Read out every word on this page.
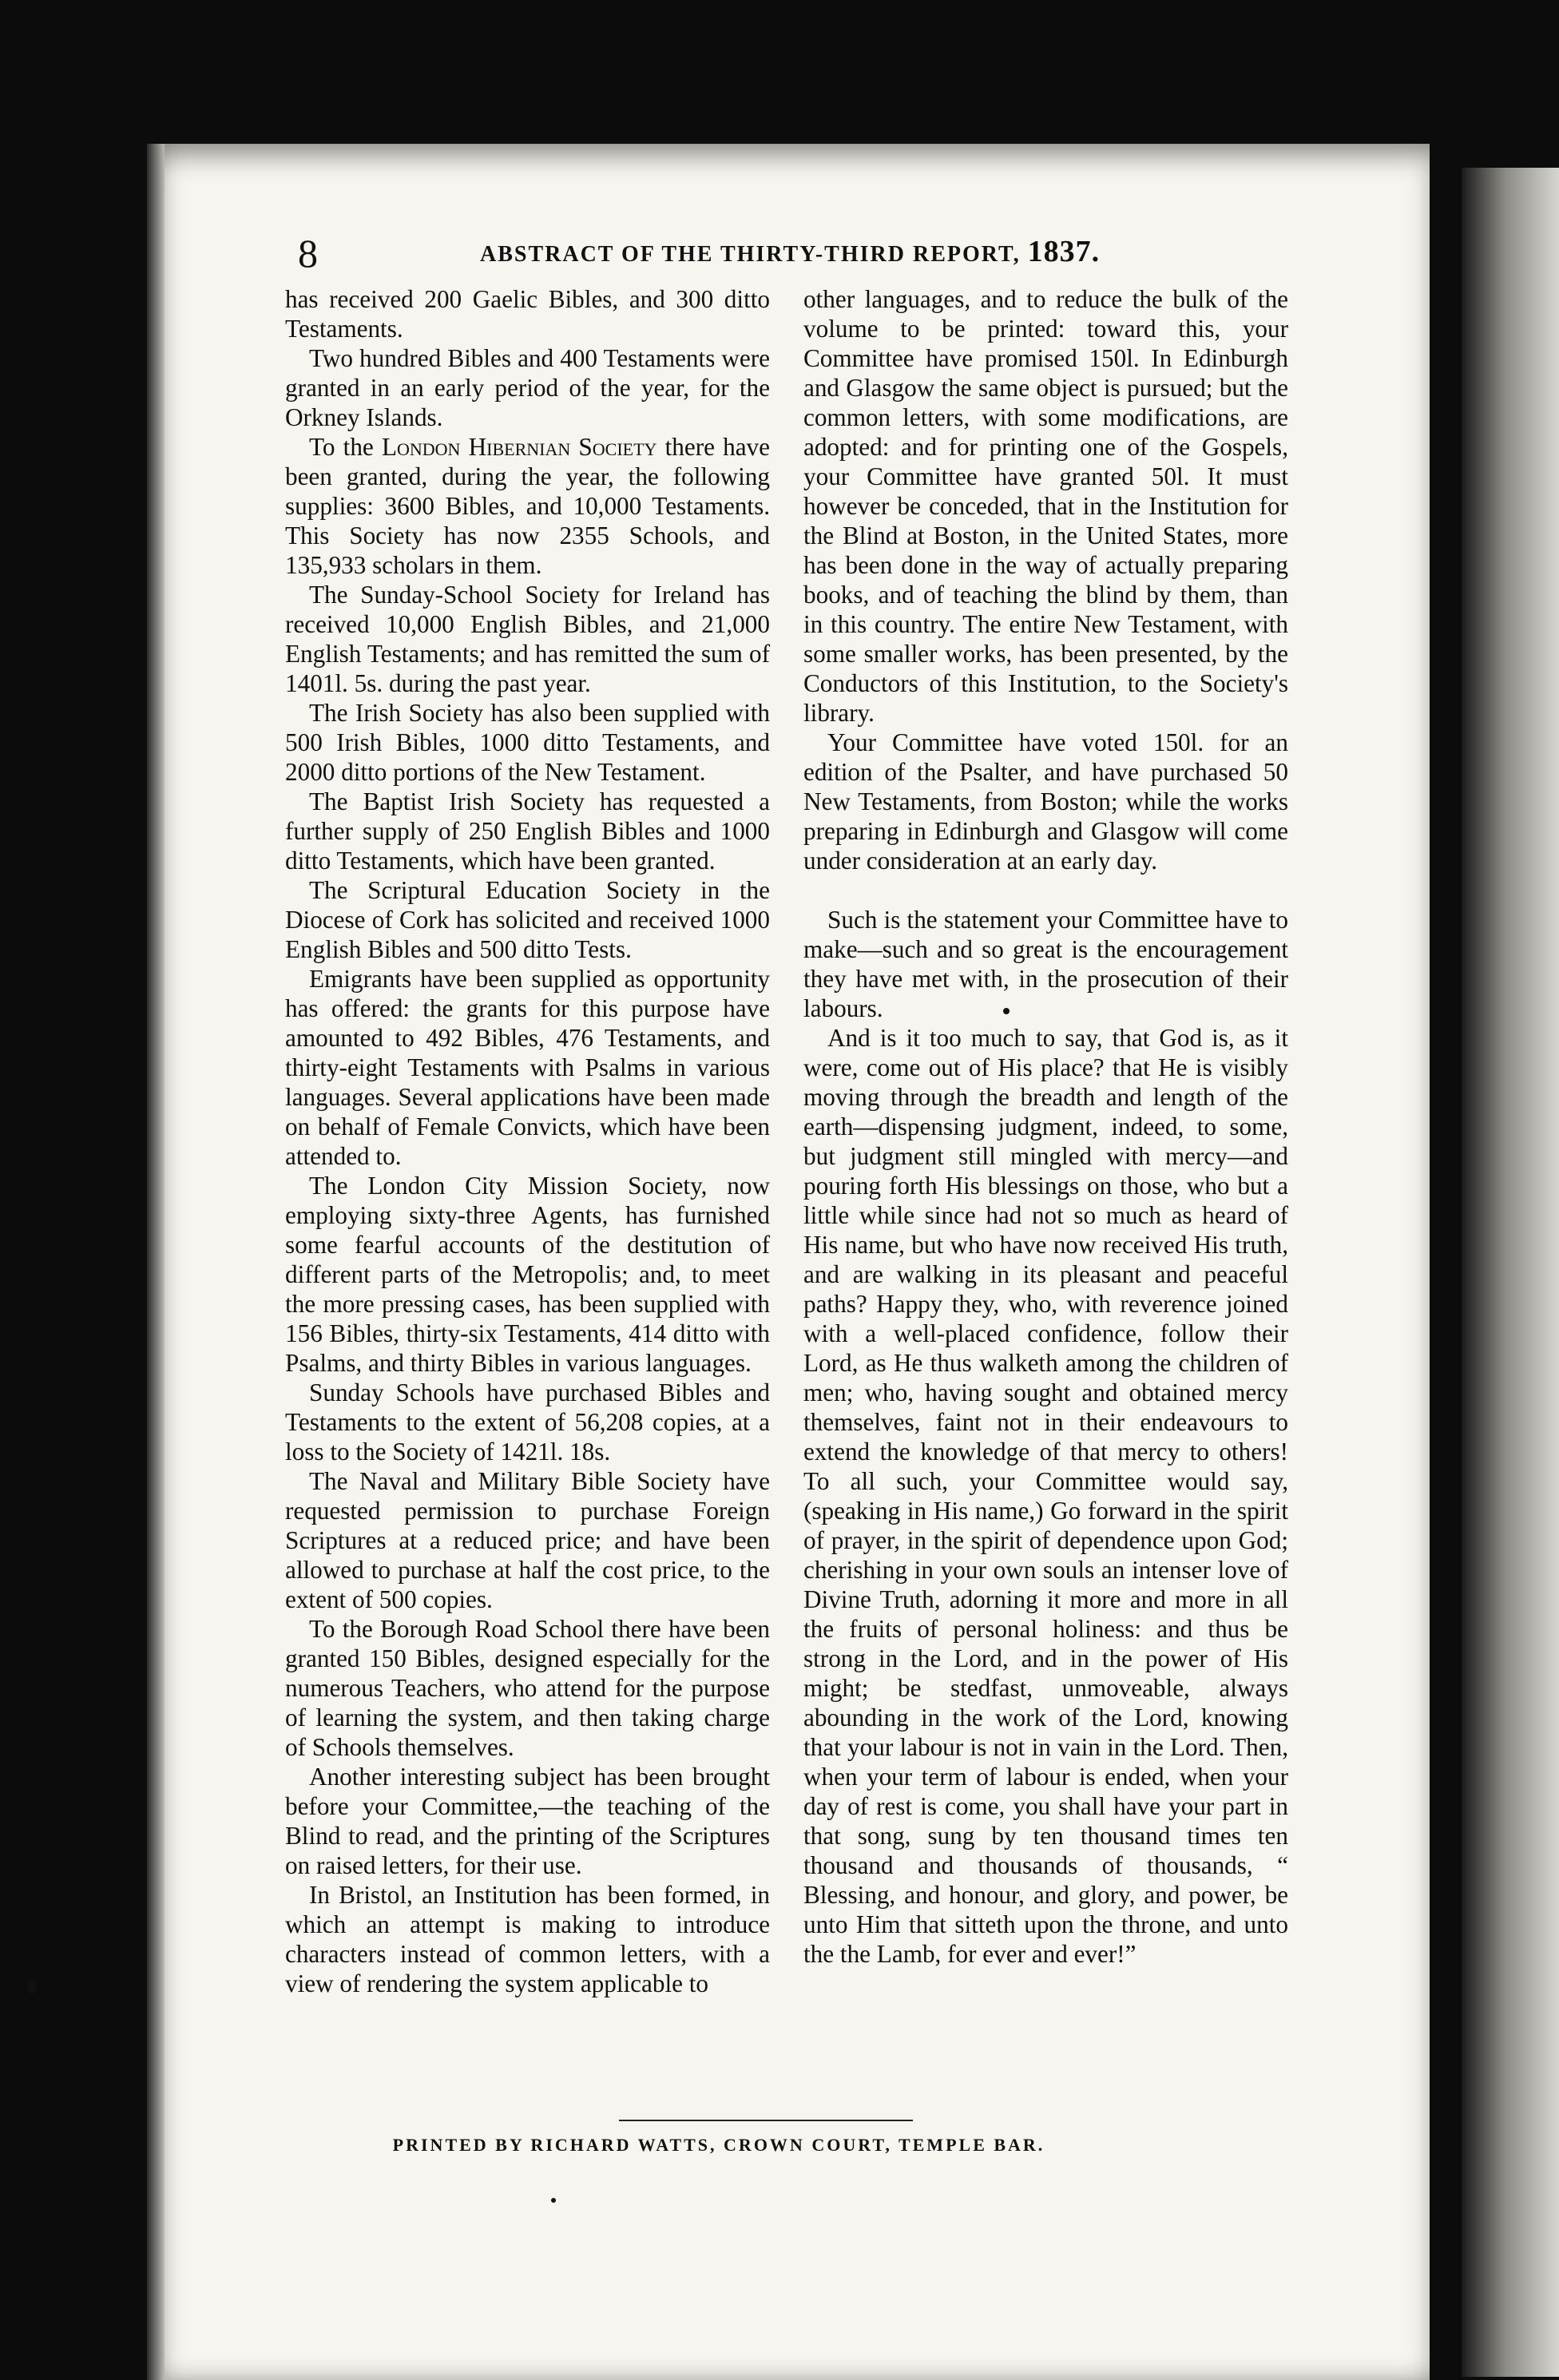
8	ABSTRACT OF THE THIRTY-THIRD REPORT, 1837.

has received 200 Gaelic Bibles, and 300 ditto Testaments.

Two hundred Bibles and 400 Testaments were granted in an early period of the year, for the Orkney Islands.

To the London Hibernian Society there have been granted, during the year, the following supplies: 3600 Bibles, and 10,000 Testaments. This Society has now 2355 Schools, and 135,933 scholars in them.

The Sunday-School Society for Ireland has received 10,000 English Bibles, and 21,000 English Testaments; and has remitted the sum of 1401l. 5s. during the past year.

The Irish Society has also been supplied with 500 Irish Bibles, 1000 ditto Testaments, and 2000 ditto portions of the New Testament.

The Baptist Irish Society has requested a further supply of 250 English Bibles and 1000 ditto Testaments, which have been granted.

The Scriptural Education Society in the Diocese of Cork has solicited and received 1000 English Bibles and 500 ditto Tests.

Emigrants have been supplied as opportunity has offered: the grants for this purpose have amounted to 492 Bibles, 476 Testaments, and thirty-eight Testaments with Psalms in various languages. Several applications have been made on behalf of Female Convicts, which have been attended to.

The London City Mission Society, now employing sixty-three Agents, has furnished some fearful accounts of the destitution of different parts of the Metropolis; and, to meet the more pressing cases, has been supplied with 156 Bibles, thirty-six Testaments, 414 ditto with Psalms, and thirty Bibles in various languages.

Sunday Schools have purchased Bibles and Testaments to the extent of 56,208 copies, at a loss to the Society of 1421l. 18s.

The Naval and Military Bible Society have requested permission to purchase Foreign Scriptures at a reduced price; and have been allowed to purchase at half the cost price, to the extent of 500 copies.

To the Borough Road School there have been granted 150 Bibles, designed especially for the numerous Teachers, who attend for the purpose of learning the system, and then taking charge of Schools themselves.

Another interesting subject has been brought before your Committee,—the teaching of the Blind to read, and the printing of the Scriptures on raised letters, for their use.

In Bristol, an Institution has been formed, in which an attempt is making to introduce characters instead of common letters, with a view of rendering the system applicable to

other languages, and to reduce the bulk of the volume to be printed: toward this, your Committee have promised 150l. In Edinburgh and Glasgow the same object is pursued; but the common letters, with some modifications, are adopted: and for printing one of the Gospels, your Committee have granted 50l. It must however be conceded, that in the Institution for the Blind at Boston, in the United States, more has been done in the way of actually preparing books, and of teaching the blind by them, than in this country. The entire New Testament, with some smaller works, has been presented, by the Conductors of this Institution, to the Society's library.

Your Committee have voted 150l. for an edition of the Psalter, and have purchased 50 New Testaments, from Boston; while the works preparing in Edinburgh and Glasgow will come under consideration at an early day.

Such is the statement your Committee have to make—such and so great is the encouragement they have met with, in the prosecution of their labours.

And is it too much to say, that God is, as it were, come out of His place? that He is visibly moving through the breadth and length of the earth—dispensing judgment, indeed, to some, but judgment still mingled with mercy—and pouring forth His blessings on those, who but a little while since had not so much as heard of His name, but who have now received His truth, and are walking in its pleasant and peaceful paths? Happy they, who, with reverence joined with a well-placed confidence, follow their Lord, as He thus walketh among the children of men; who, having sought and obtained mercy themselves, faint not in their endeavours to extend the knowledge of that mercy to others! To all such, your Committee would say, (speaking in His name,) Go forward in the spirit of prayer, in the spirit of dependence upon God; cherishing in your own souls an intenser love of Divine Truth, adorning it more and more in all the fruits of personal holiness: and thus be strong in the Lord, and in the power of His might; be stedfast, unmoveable, always abounding in the work of the Lord, knowing that your labour is not in vain in the Lord. Then, when your term of labour is ended, when your day of rest is come, you shall have your part in that song, sung by ten thousand times ten thousand and thousands of thousands, “ Blessing, and honour, and glory, and power, be unto Him that sitteth upon the throne, and unto the the Lamb, for ever and ever!”

PRINTED BY RICHARD WATTS, CROWN COURT, TEMPLE BAR.
